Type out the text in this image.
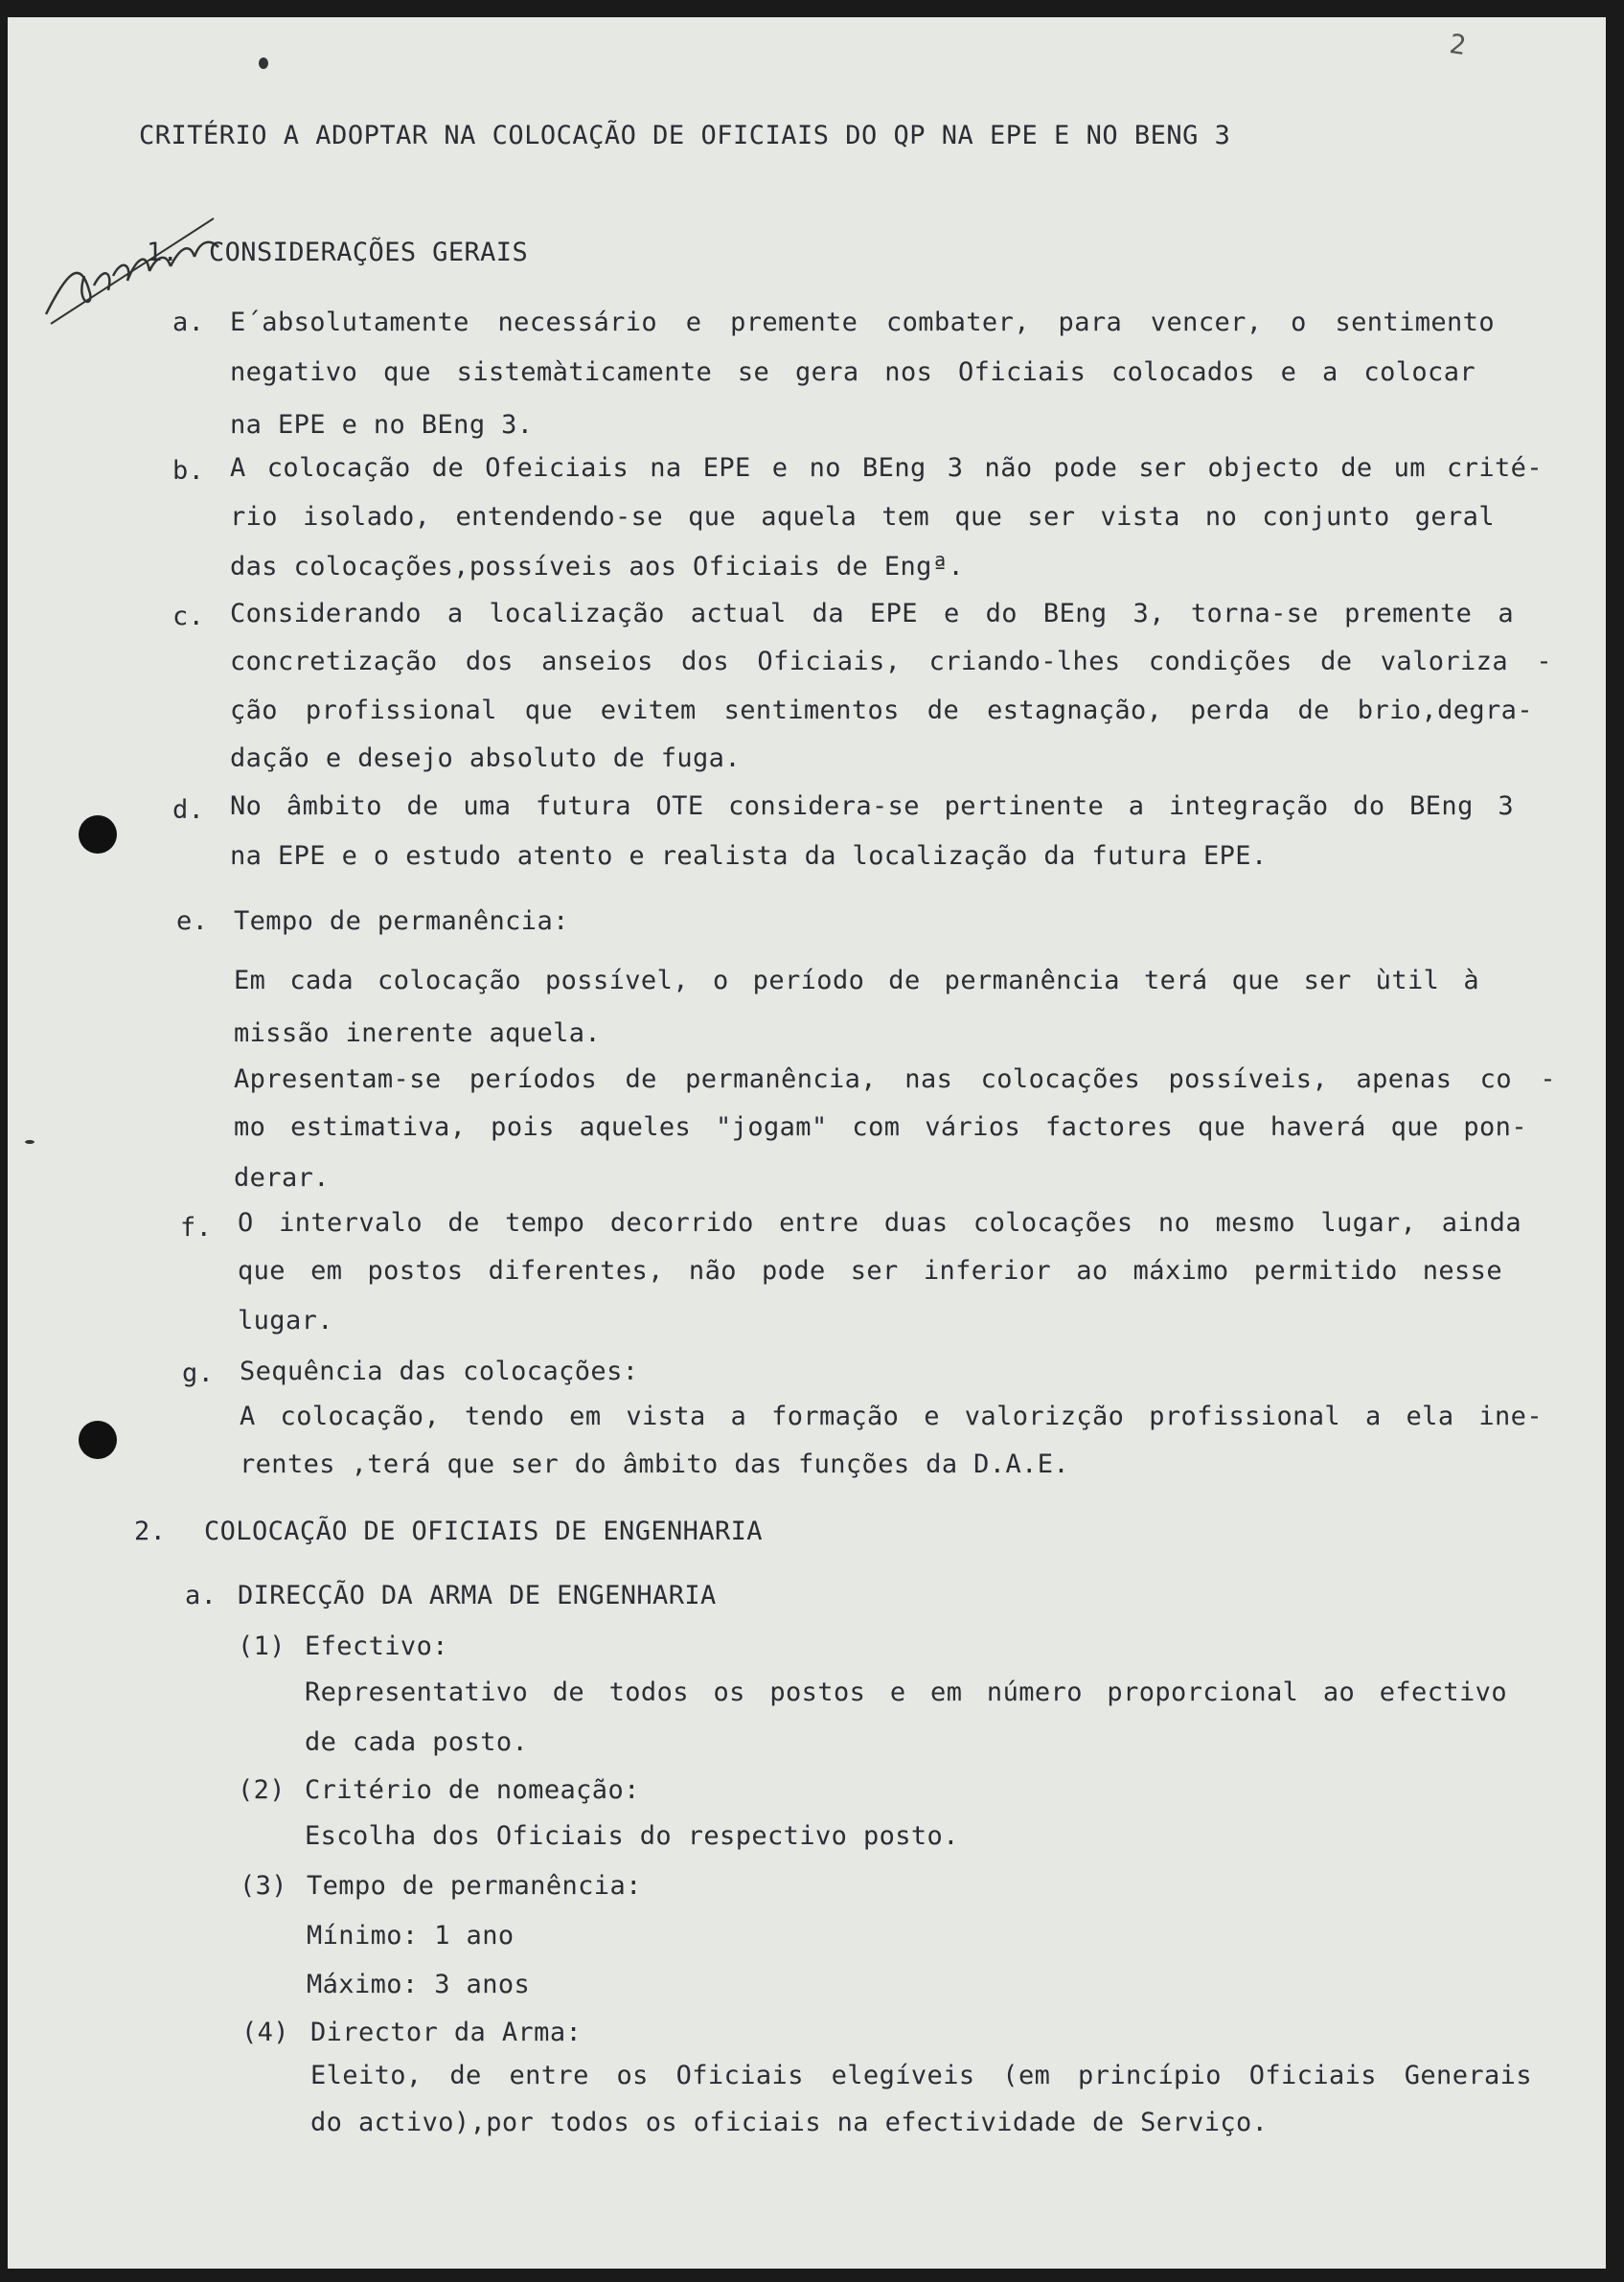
2
CRITÉRIO A ADOPTAR NA COLOCAÇÃO DE OFICIAIS DO QP NA EPE E NO BENG 3
1. CONSIDERAÇÕES GERAIS
a. E´absolutamente necessário e premente combater, para vencer, o sentimento
negativo que sistemàticamente se gera nos Oficiais colocados e a colocar
na EPE e no BEng 3.
b. A colocação de Ofeiciais na EPE e no BEng 3 não pode ser objecto de um crité-
rio isolado, entendendo-se que aquela tem que ser vista no conjunto geral
das colocações,possíveis aos Oficiais de Engª.
c. Considerando a localização actual da EPE e do BEng 3, torna-se premente a
concretização dos anseios dos Oficiais, criando-lhes condições de valoriza -
ção profissional que evitem sentimentos de estagnação, perda de brio,degra-
dação e desejo absoluto de fuga.
d. No âmbito de uma futura OTE considera-se pertinente a integração do BEng 3
na EPE e o estudo atento e realista da localização da futura EPE.
e. Tempo de permanência:
Em cada colocação possível, o período de permanência terá que ser ùtil à
missão inerente aquela.
Apresentam-se períodos de permanência, nas colocações possíveis, apenas co -
mo estimativa, pois aqueles "jogam" com vários factores que haverá que pon-
derar.
f. O intervalo de tempo decorrido entre duas colocações no mesmo lugar, ainda
que em postos diferentes, não pode ser inferior ao máximo permitido nesse
lugar.
g. Sequência das colocações:
A colocação, tendo em vista a formação e valorizção profissional a ela ine-
rentes ,terá que ser do âmbito das funções da D.A.E.
2. COLOCAÇÃO DE OFICIAIS DE ENGENHARIA
a. DIRECÇÃO DA ARMA DE ENGENHARIA
(1) Efectivo:
Representativo de todos os postos e em número proporcional ao efectivo
de cada posto.
(2) Critério de nomeação:
Escolha dos Oficiais do respectivo posto.
(3) Tempo de permanência:
Mínimo: 1 ano
Máximo: 3 anos
(4) Director da Arma:
Eleito, de entre os Oficiais elegíveis (em princípio Oficiais Generais
do activo),por todos os oficiais na efectividade de Serviço.
